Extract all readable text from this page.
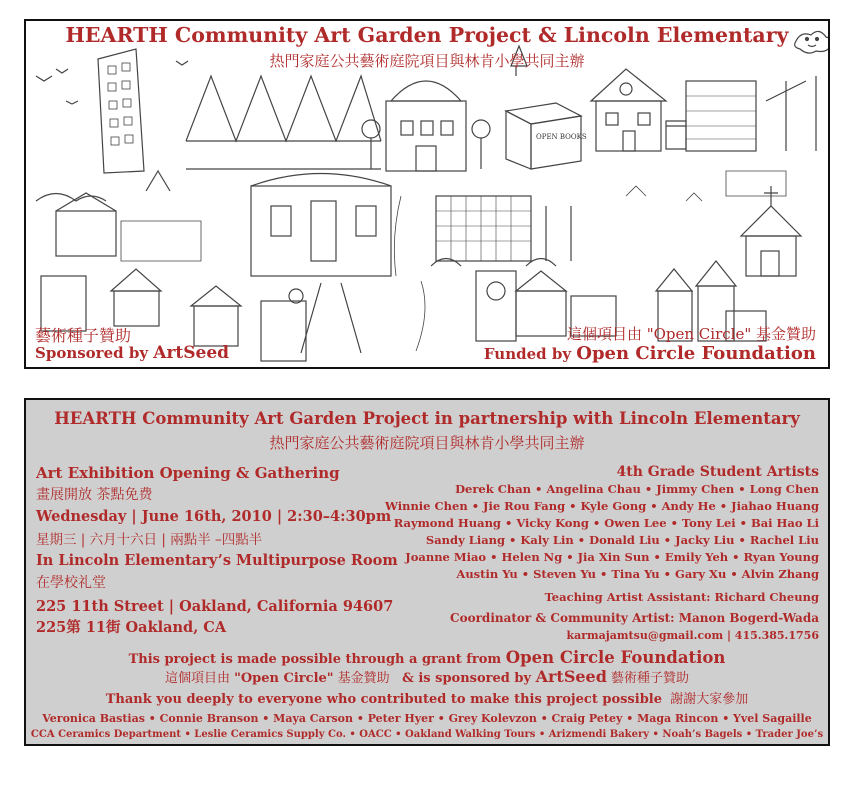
OPEN BOOKS
HEARTH Community Art Garden Project & Lincoln Elementary
热門家庭公共藝術庭院項目與林肯小學共同主辦
藝術種子贊助
Sponsored by ArtSeed
這個項目由 "Open Circle" 基金贊助
Funded by Open Circle Foundation
HEARTH Community Art Garden Project in partnership with Lincoln Elementary
热門家庭公共藝術庭院項目與林肯小學共同主辦
Art Exhibition Opening & Gathering
畫展開放 茶點免费
Wednesday | June 16th, 2010 | 2:30–4:30pm
星期三 | 六月十六日 | 兩點半 –四點半
In Lincoln Elementary’s Multipurpose Room
在學校礼堂
225 11th Street | Oakland, California 94607
225第 11街 Oakland, CA
4th Grade Student Artists
Derek Chan • Angelina Chau • Jimmy Chen • Long Chen
Winnie Chen • Jie Rou Fang • Kyle Gong • Andy He • Jiahao Huang
Raymond Huang • Vicky Kong • Owen Lee • Tony Lei • Bai Hao Li
Sandy Liang • Kaly Lin • Donald Liu • Jacky Liu • Rachel Liu
Joanne Miao • Helen Ng • Jia Xin Sun • Emily Yeh • Ryan Young
Austin Yu • Steven Yu • Tina Yu • Gary Xu • Alvin Zhang
Teaching Artist Assistant: Richard Cheung
Coordinator & Community Artist: Manon Bogerd-Wada
karmajamtsu@gmail.com | 415.385.1756
This project is made possible through a grant from Open Circle Foundation
這個項目由 "Open Circle" 基金贊助 & is sponsored by ArtSeed 藝術種子贊助
Thank you deeply to everyone who contributed to make this project possible 謝謝大家參加
Veronica Bastias • Connie Branson • Maya Carson • Peter Hyer • Grey Kolevzon • Craig Petey • Maga Rincon • Yvel Sagaille
CCA Ceramics Department • Leslie Ceramics Supply Co. • OACC • Oakland Walking Tours • Arizmendi Bakery • Noah’s Bagels • Trader Joe’s
